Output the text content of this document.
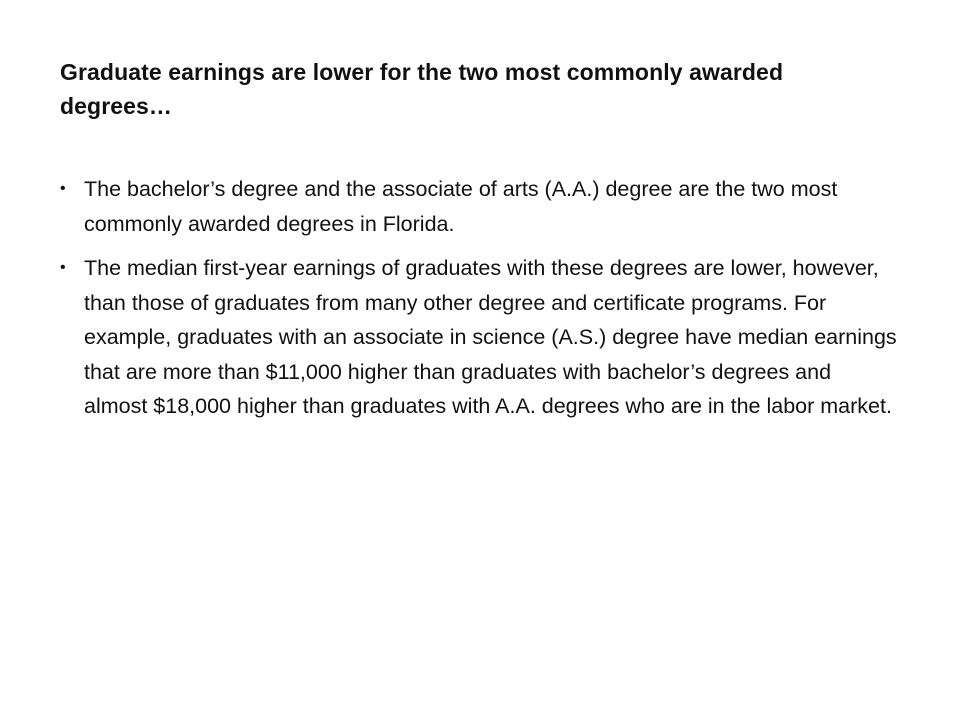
Graduate earnings are lower for the two most commonly awarded degrees…
• The bachelor’s degree and the associate of arts (A.A.) degree are the two most commonly awarded degrees in Florida.
• The median first-year earnings of graduates with these degrees are lower, however, than those of graduates from many other degree and certificate programs. For example, graduates with an associate in science (A.S.) degree have median earnings that are more than $11,000 higher than graduates with bachelor’s degrees and almost $18,000 higher than graduates with A.A. degrees who are in the labor market.
